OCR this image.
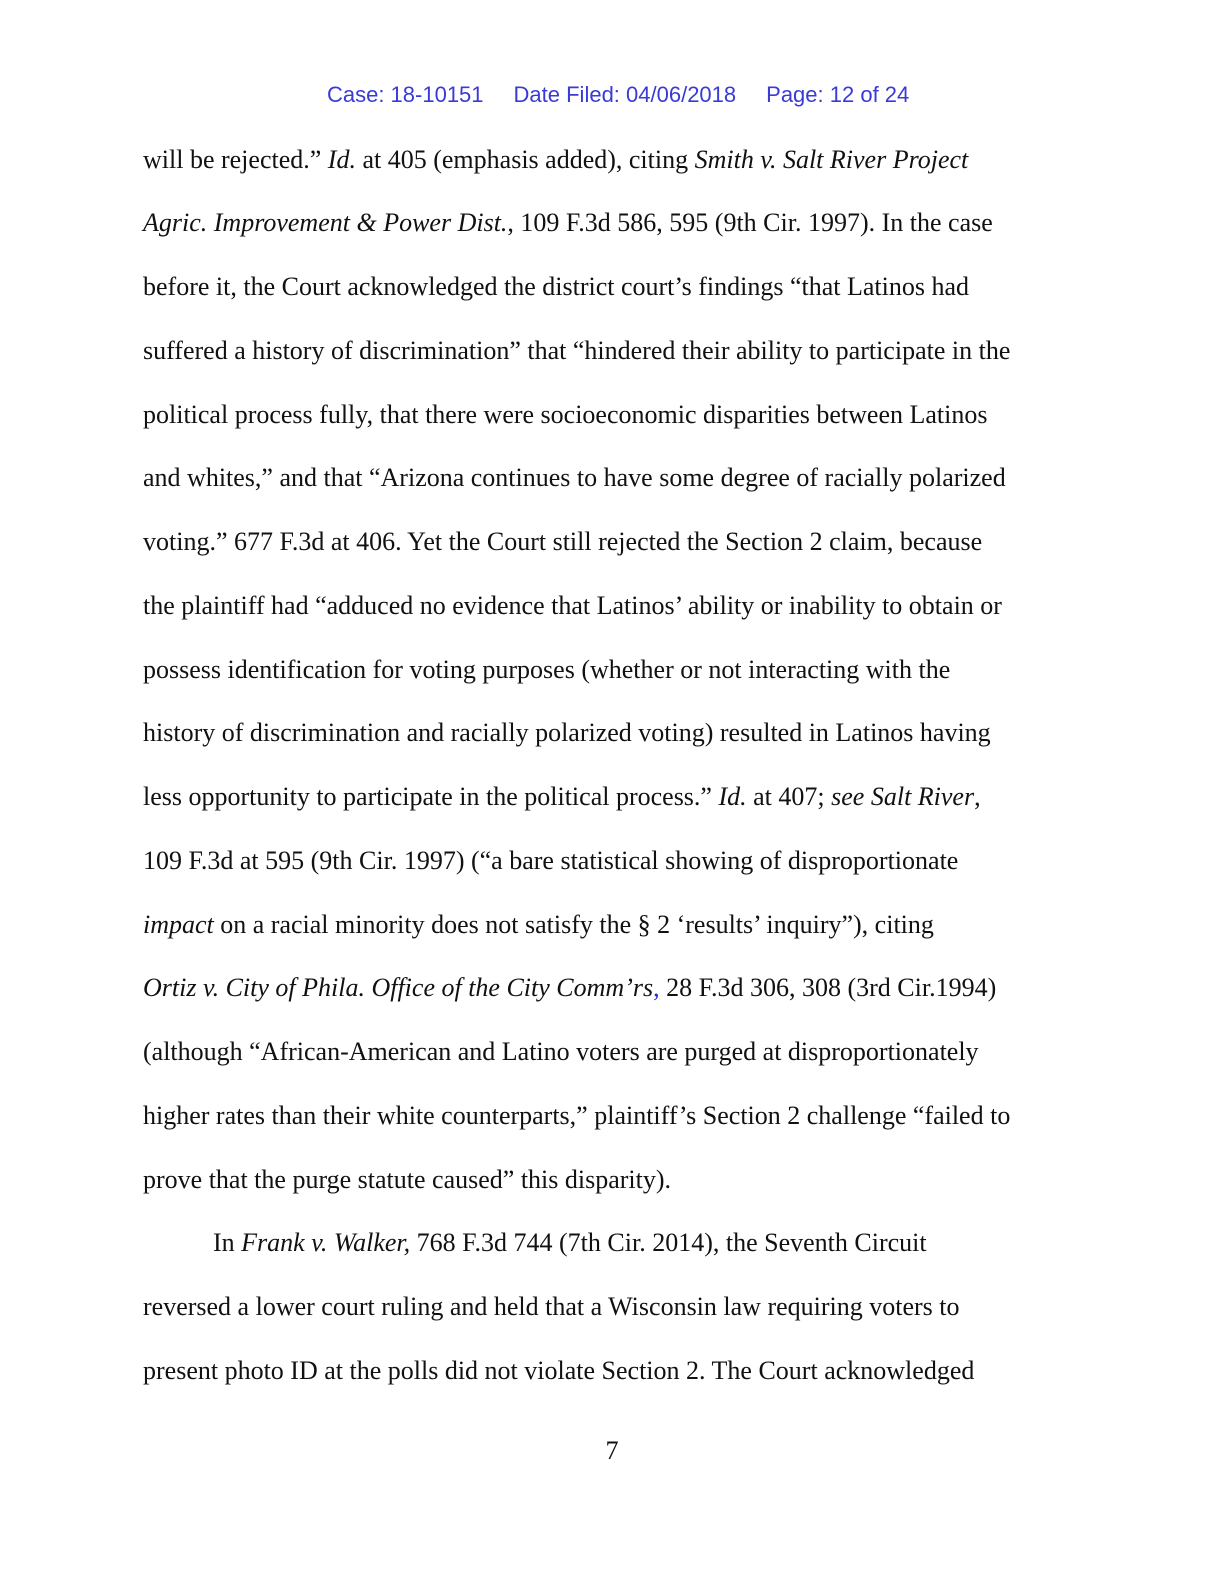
Case: 18-10151 Date Filed: 04/06/2018 Page: 12 of 24

will be rejected.” Id. at 405 (emphasis added), citing Smith v. Salt River Project
Agric. Improvement & Power Dist., 109 F.3d 586, 595 (9th Cir. 1997). In the case
before it, the Court acknowledged the district court’s findings “that Latinos had
suffered a history of discrimination” that “hindered their ability to participate in the
political process fully, that there were socioeconomic disparities between Latinos
and whites,” and that “Arizona continues to have some degree of racially polarized
voting.” 677 F.3d at 406. Yet the Court still rejected the Section 2 claim, because
the plaintiff had “adduced no evidence that Latinos’ ability or inability to obtain or
possess identification for voting purposes (whether or not interacting with the
history of discrimination and racially polarized voting) resulted in Latinos having
less opportunity to participate in the political process.” Id. at 407; see Salt River,
109 F.3d at 595 (9th Cir. 1997) (“a bare statistical showing of disproportionate
impact on a racial minority does not satisfy the § 2 ‘results’ inquiry”), citing
Ortiz v. City of Phila. Office of the City Comm’rs, 28 F.3d 306, 308 (3rd Cir.1994)
(although “African-American and Latino voters are purged at disproportionately
higher rates than their white counterparts,” plaintiff’s Section 2 challenge “failed to
prove that the purge statute caused” this disparity).
In Frank v. Walker, 768 F.3d 744 (7th Cir. 2014), the Seventh Circuit
reversed a lower court ruling and held that a Wisconsin law requiring voters to
present photo ID at the polls did not violate Section 2. The Court acknowledged
7
